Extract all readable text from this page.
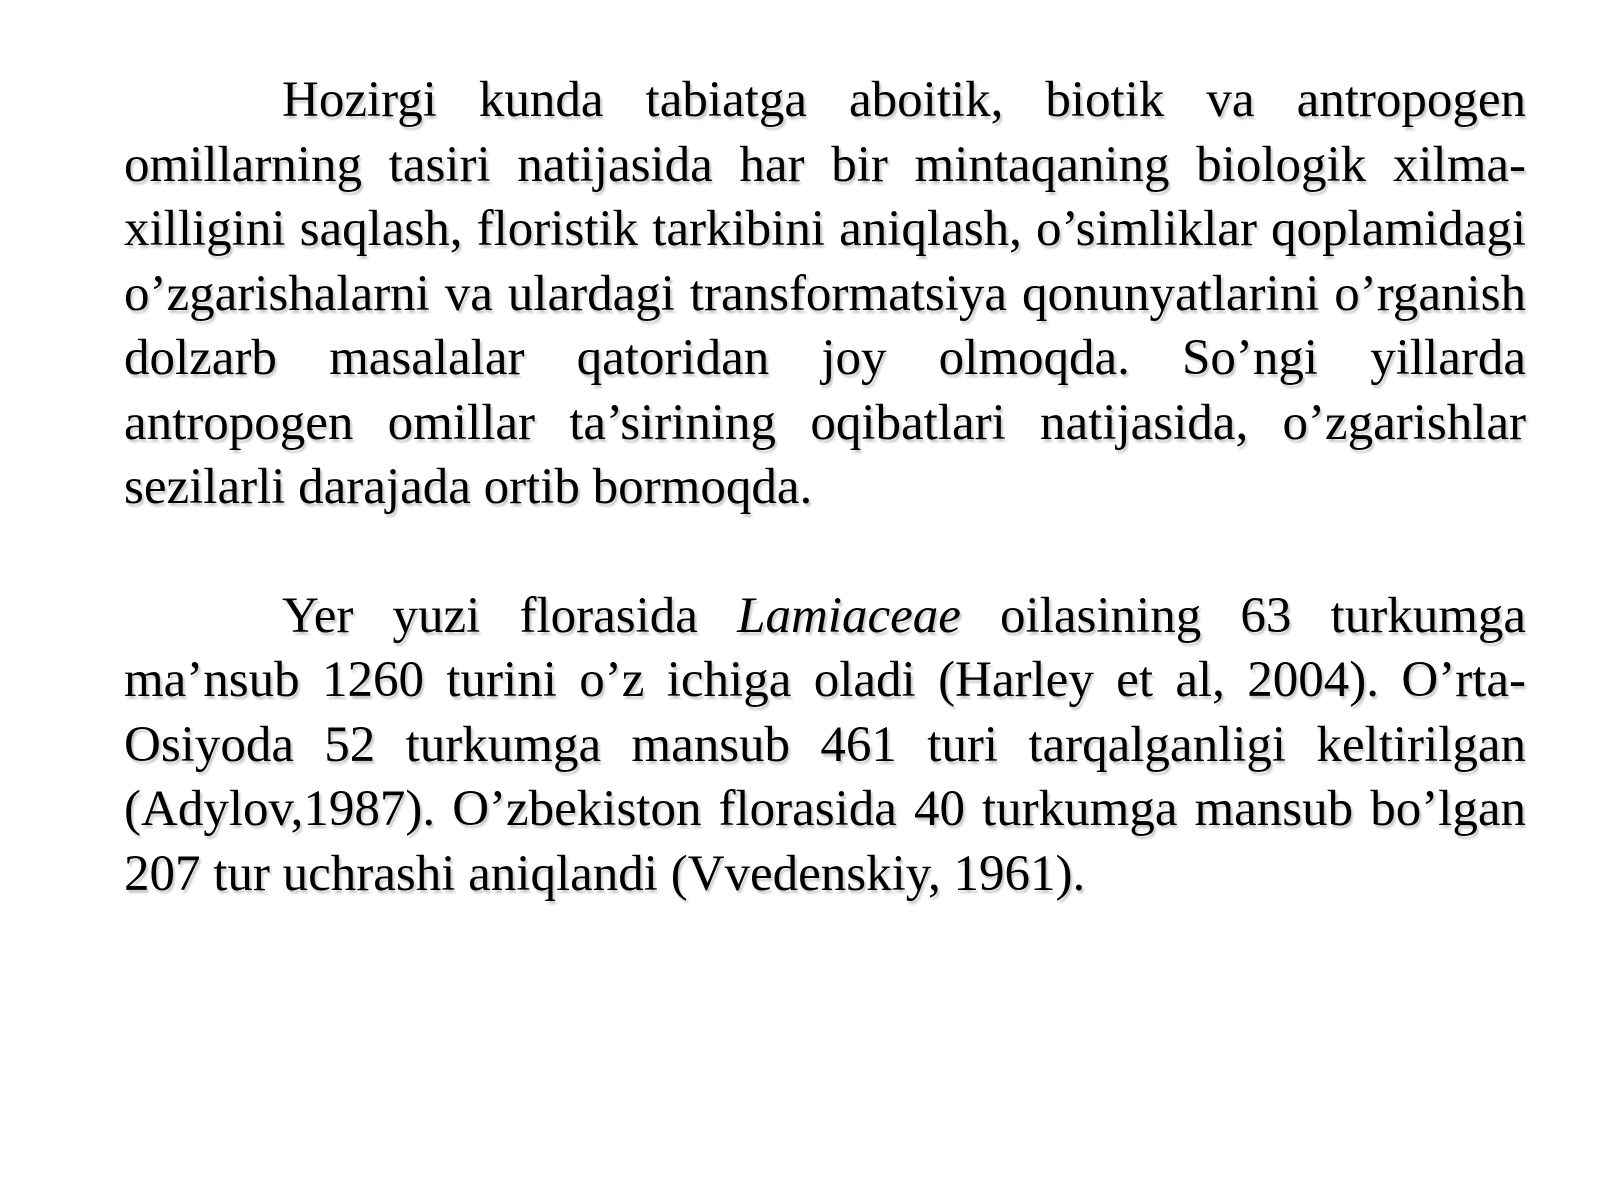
Hozirgi kunda tabiatga aboitik, biotik va antropogen omillarning tasiri natijasida har bir mintaqaning biologik xilma-xilligini saqlash, floristik tarkibini aniqlash, o’simliklar qoplamidagi o’zgarishalarni va ulardagi transformatsiya qonunyatlarini o’rganish dolzarb masalalar qatoridan joy olmoqda. So’ngi yillarda antropogen omillar ta’sirining oqibatlari natijasida, o’zgarishlar sezilarli darajada ortib bormoqda.

Yer yuzi florasida Lamiaceae oilasining 63 turkumga ma’nsub 1260 turini o’z ichiga oladi (Harley et al, 2004). O’rta-Osiyoda 52 turkumga mansub 461 turi tarqalganligi keltirilgan (Adylov,1987). O’zbekiston florasida 40 turkumga mansub bo’lgan 207 tur uchrashi aniqlandi (Vvedenskiy, 1961).
